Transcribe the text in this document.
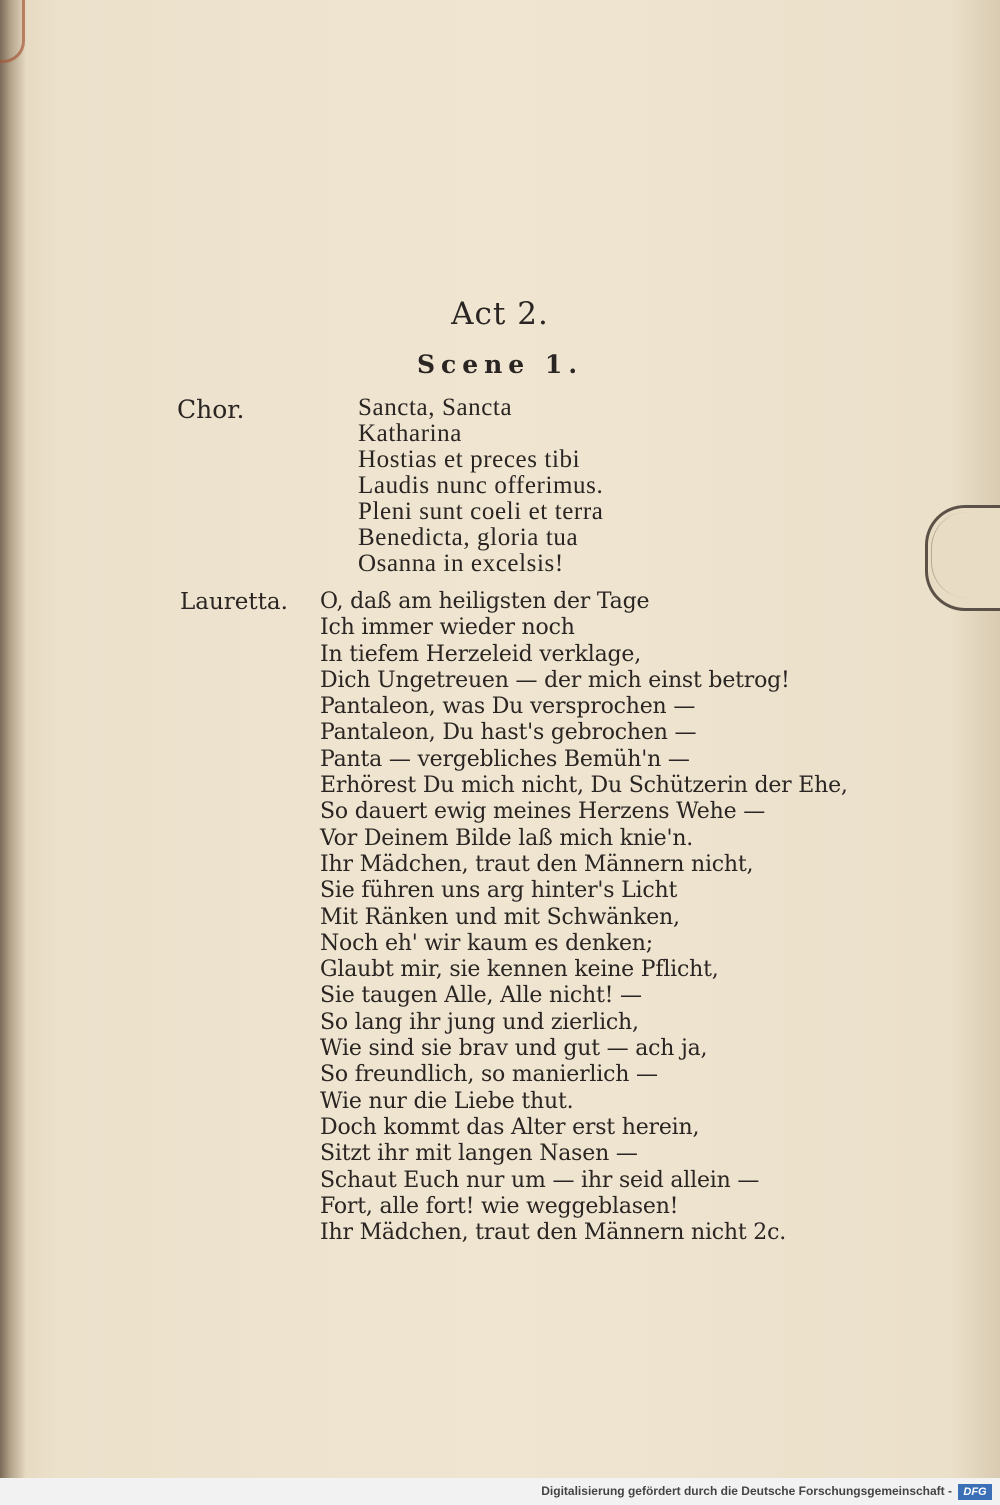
Act 2.
Scene 1.
Chor.	Sancta, Sancta
Katharina
Hostias et preces tibi
Laudis nunc offerimus.
Pleni sunt coeli et terra
Benedicta, gloria tua
Osanna in excelsis!
Lauretta. O, daß am heiligsten der Tage
Ich immer wieder noch
In tiefem Herzeleid verklage,
Dich Ungetreuen — der mich einst betrog!
Pantaleon, was Du versprochen —
Pantaleon, Du hast's gebrochen —
Panta — vergebliches Bemüh'n —
Erhörest Du mich nicht, Du Schützerin der Ehe,
So dauert ewig meines Herzens Wehe —
Vor Deinem Bilde laß mich knie'n.
Ihr Mädchen, traut den Männern nicht,
Sie führen uns arg hinter's Licht
Mit Ränken und mit Schwänken,
Noch eh' wir kaum es denken;
Glaubt mir, sie kennen keine Pflicht,
Sie taugen Alle, Alle nicht! —
So lang ihr jung und zierlich,
Wie sind sie brav und gut — ach ja,
So freundlich, so manierlich —
Wie nur die Liebe thut.
Doch kommt das Alter erst herein,
Sitzt ihr mit langen Nasen —
Schaut Euch nur um — ihr seid allein —
Fort, alle fort! wie weggeblasen!
Ihr Mädchen, traut den Männern nicht 2c.
Digitalisierung gefördert durch die Deutsche Forschungsgemeinschaft -	DFG
